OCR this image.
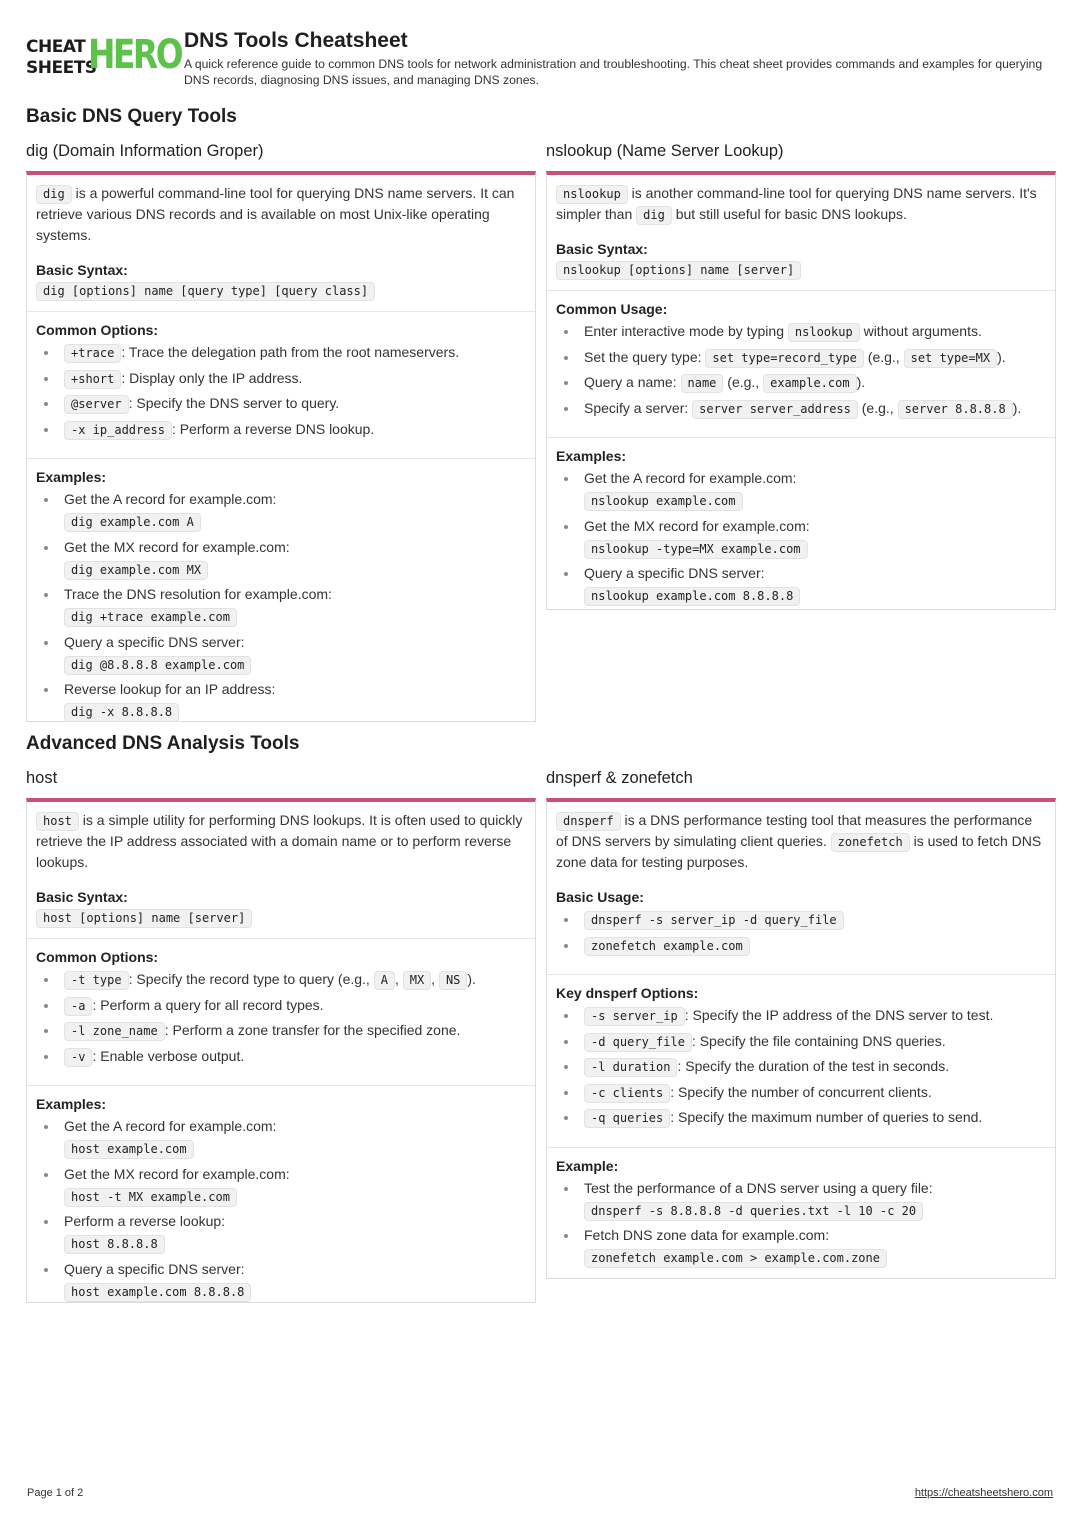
CHEAT
SHEETS
HERO DNS Tools Cheatsheet
A quick reference guide to common DNS tools for network administration and troubleshooting. This cheat sheet provides commands and examples for querying DNS records, diagnosing DNS issues, and managing DNS zones.
Basic DNS Query Tools
dig (Domain Information Groper)
dig is a powerful command-line tool for querying DNS name servers. It can retrieve various DNS records and is available on most Unix-like operating systems.
Basic Syntax:
dig [options] name [query type] [query class]
Common Options:
+trace : Trace the delegation path from the root nameservers.
+short : Display only the IP address.
@server : Specify the DNS server to query.
-x ip_address : Perform a reverse DNS lookup.
Examples:
Get the A record for example.com:
dig example.com A
Get the MX record for example.com:
dig example.com MX
Trace the DNS resolution for example.com:
dig +trace example.com
Query a specific DNS server:
dig @8.8.8.8 example.com
Reverse lookup for an IP address:
dig -x 8.8.8.8
nslookup (Name Server Lookup)
nslookup is another command-line tool for querying DNS name servers. It's simpler than dig but still useful for basic DNS lookups.
Basic Syntax:
nslookup [options] name [server]
Common Usage:
Enter interactive mode by typing nslookup without arguments.
Set the query type: set type=record_type (e.g., set type=MX ).
Query a name: name (e.g., example.com ).
Specify a server: server server_address (e.g., server 8.8.8.8 ).
Examples:
Get the A record for example.com:
nslookup example.com
Get the MX record for example.com:
nslookup -type=MX example.com
Query a specific DNS server:
nslookup example.com 8.8.8.8
Advanced DNS Analysis Tools
host
host is a simple utility for performing DNS lookups. It is often used to quickly retrieve the IP address associated with a domain name or to perform reverse lookups.
Basic Syntax:
host [options] name [server]
Common Options:
-t type : Specify the record type to query (e.g., A , MX , NS ).
-a : Perform a query for all record types.
-l zone_name : Perform a zone transfer for the specified zone.
-v : Enable verbose output.
Examples:
Get the A record for example.com:
host example.com
Get the MX record for example.com:
host -t MX example.com
Perform a reverse lookup:
host 8.8.8.8
Query a specific DNS server:
host example.com 8.8.8.8
dnsperf & zonefetch
dnsperf is a DNS performance testing tool that measures the performance of DNS servers by simulating client queries. zonefetch is used to fetch DNS zone data for testing purposes.
Basic Usage:
dnsperf -s server_ip -d query_file
zonefetch example.com
Key dnsperf Options:
-s server_ip : Specify the IP address of the DNS server to test.
-d query_file : Specify the file containing DNS queries.
-l duration : Specify the duration of the test in seconds.
-c clients : Specify the number of concurrent clients.
-q queries : Specify the maximum number of queries to send.
Example:
Test the performance of a DNS server using a query file:
dnsperf -s 8.8.8.8 -d queries.txt -l 10 -c 20
Fetch DNS zone data for example.com:
zonefetch example.com > example.com.zone
Page 1 of 2	https://cheatsheetshero.com
